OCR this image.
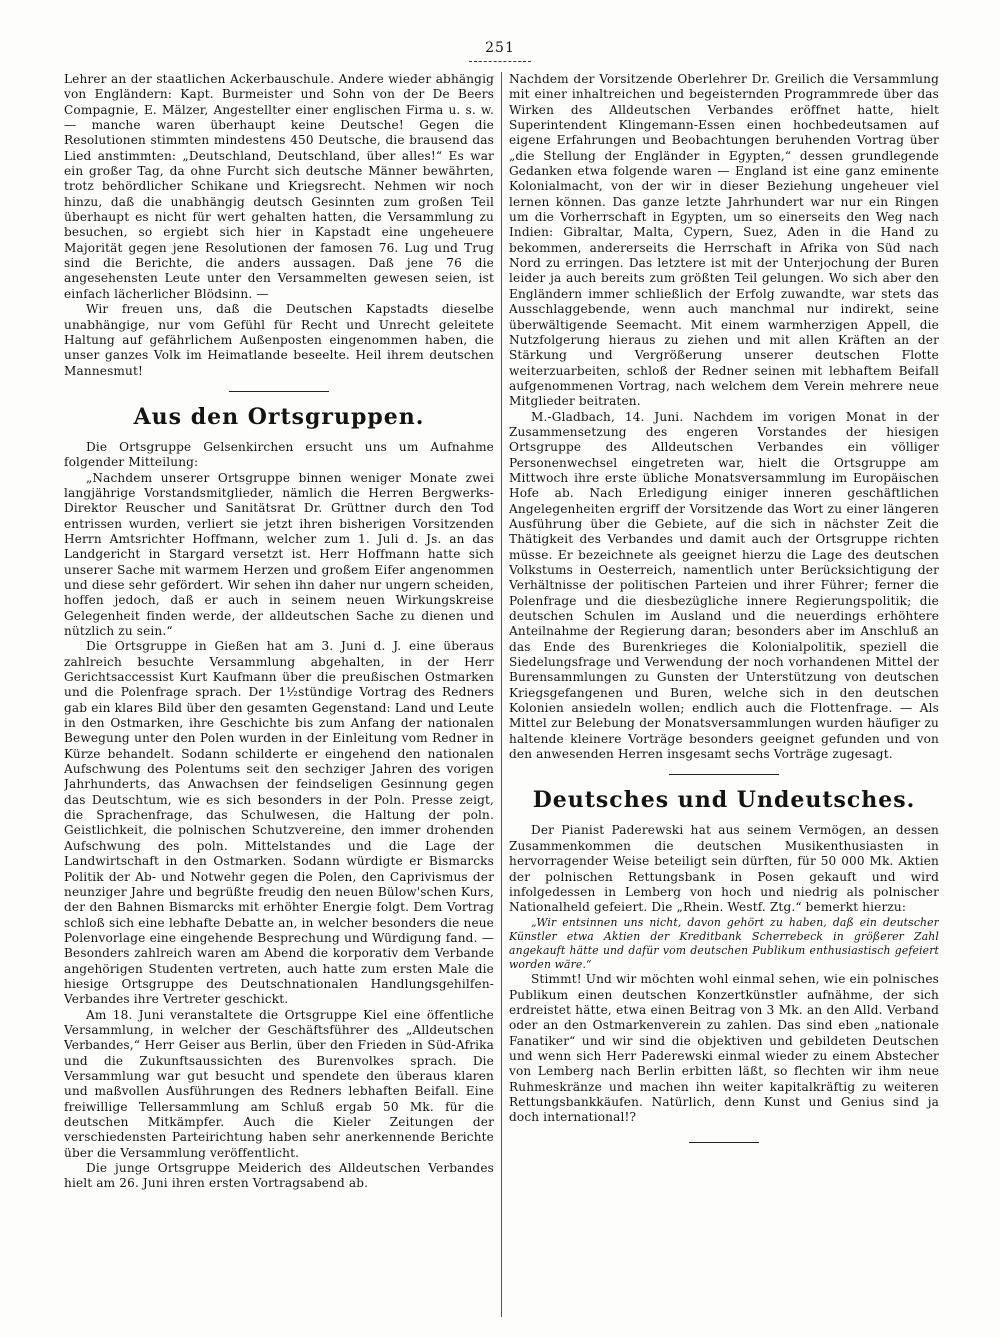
251

Lehrer an der staatlichen Ackerbauschule. Andere wieder abhängig von Engländern: Kapt. Burmeister und Sohn von der De Beers Compagnie, E. Mälzer, Angestellter einer englischen Firma u. s. w. — manche waren überhaupt keine Deutsche! Gegen die Resolutionen stimmten mindestens 450 Deutsche, die brausend das Lied anstimmten: „Deutschland, Deutschland, über alles!“ Es war ein großer Tag, da ohne Furcht sich deutsche Männer bewährten, trotz behördlicher Schikane und Kriegsrecht. Nehmen wir noch hinzu, daß die unabhängig deutsch Gesinnten zum großen Teil überhaupt es nicht für wert gehalten hatten, die Versammlung zu besuchen, so ergiebt sich hier in Kapstadt eine ungeheuere Majorität gegen jene Resolutionen der famosen 76. Lug und Trug sind die Berichte, die anders aussagen. Daß jene 76 die angesehensten Leute unter den Versammelten gewesen seien, ist einfach lächerlicher Blödsinn. —

Wir freuen uns, daß die Deutschen Kapstadts dieselbe unabhängige, nur vom Gefühl für Recht und Unrecht geleitete Haltung auf gefährlichem Außenposten eingenommen haben, die unser ganzes Volk im Heimatlande beseelte. Heil ihrem deutschen Mannesmut!

Aus den Ortsgruppen.

Die Ortsgruppe Gelsenkirchen ersucht uns um Aufnahme folgender Mitteilung:

„Nachdem unserer Ortsgruppe binnen weniger Monate zwei langjährige Vorstandsmitglieder, nämlich die Herren Bergwerks-Direktor Reuscher und Sanitätsrat Dr. Grüttner durch den Tod entrissen wurden, verliert sie jetzt ihren bisherigen Vorsitzenden Herrn Amtsrichter Hoffmann, welcher zum 1. Juli d. Js. an das Landgericht in Stargard versetzt ist. Herr Hoffmann hatte sich unserer Sache mit warmem Herzen und großem Eifer angenommen und diese sehr gefördert. Wir sehen ihn daher nur ungern scheiden, hoffen jedoch, daß er auch in seinem neuen Wirkungskreise Gelegenheit finden werde, der alldeutschen Sache zu dienen und nützlich zu sein.“

Die Ortsgruppe in Gießen hat am 3. Juni d. J. eine überaus zahlreich besuchte Versammlung abgehalten, in der Herr Gerichtsaccessist Kurt Kaufmann über die preußischen Ostmarken und die Polenfrage sprach. Der 1½stündige Vortrag des Redners gab ein klares Bild über den gesamten Gegenstand: Land und Leute in den Ostmarken, ihre Geschichte bis zum Anfang der nationalen Bewegung unter den Polen wurden in der Einleitung vom Redner in Kürze behandelt. Sodann schilderte er eingehend den nationalen Aufschwung des Polentums seit den sechziger Jahren des vorigen Jahrhunderts, das Anwachsen der feindseligen Gesinnung gegen das Deutschtum, wie es sich besonders in der Poln. Presse zeigt, die Sprachenfrage, das Schulwesen, die Haltung der poln. Geistlichkeit, die polnischen Schutzvereine, den immer drohenden Aufschwung des poln. Mittelstandes und die Lage der Landwirtschaft in den Ostmarken. Sodann würdigte er Bismarcks Politik der Ab- und Notwehr gegen die Polen, den Caprivismus der neunziger Jahre und begrüßte freudig den neuen Bülow'schen Kurs, der den Bahnen Bismarcks mit erhöhter Energie folgt. Dem Vortrag schloß sich eine lebhafte Debatte an, in welcher besonders die neue Polenvorlage eine eingehende Besprechung und Würdigung fand. — Besonders zahlreich waren am Abend die korporativ dem Verbande angehörigen Studenten vertreten, auch hatte zum ersten Male die hiesige Ortsgruppe des Deutschnationalen Handlungsgehilfen-Verbandes ihre Vertreter geschickt.

Am 18. Juni veranstaltete die Ortsgruppe Kiel eine öffentliche Versammlung, in welcher der Geschäftsführer des „Alldeutschen Verbandes,“ Herr Geiser aus Berlin, über den Frieden in Süd-Afrika und die Zukunftsaussichten des Burenvolkes sprach. Die Versammlung war gut besucht und spendete den überaus klaren und maßvollen Ausführungen des Redners lebhaften Beifall. Eine freiwillige Tellersammlung am Schluß ergab 50 Mk. für die deutschen Mitkämpfer. Auch die Kieler Zeitungen der verschiedensten Parteirichtung haben sehr anerkennende Berichte über die Versammlung veröffentlicht.

Die junge Ortsgruppe Meiderich des Alldeutschen Verbandes hielt am 26. Juni ihren ersten Vortragsabend ab.

Nachdem der Vorsitzende Oberlehrer Dr. Greilich die Versammlung mit einer inhaltreichen und begeisternden Programmrede über das Wirken des Alldeutschen Verbandes eröffnet hatte, hielt Superintendent Klingemann-Essen einen hochbedeutsamen auf eigene Erfahrungen und Beobachtungen beruhenden Vortrag über „die Stellung der Engländer in Egypten,“ dessen grundlegende Gedanken etwa folgende waren — England ist eine ganz eminente Kolonialmacht, von der wir in dieser Beziehung ungeheuer viel lernen können. Das ganze letzte Jahrhundert war nur ein Ringen um die Vorherrschaft in Egypten, um so einerseits den Weg nach Indien: Gibraltar, Malta, Cypern, Suez, Aden in die Hand zu bekommen, andererseits die Herrschaft in Afrika von Süd nach Nord zu erringen. Das letztere ist mit der Unterjochung der Buren leider ja auch bereits zum größten Teil gelungen. Wo sich aber den Engländern immer schließlich der Erfolg zuwandte, war stets das Ausschlaggebende, wenn auch manchmal nur indirekt, seine überwältigende Seemacht. Mit einem warmherzigen Appell, die Nutzfolgerung hieraus zu ziehen und mit allen Kräften an der Stärkung und Vergrößerung unserer deutschen Flotte weiterzuarbeiten, schloß der Redner seinen mit lebhaftem Beifall aufgenommenen Vortrag, nach welchem dem Verein mehrere neue Mitglieder beitraten.

M.-Gladbach, 14. Juni. Nachdem im vorigen Monat in der Zusammensetzung des engeren Vorstandes der hiesigen Ortsgruppe des Alldeutschen Verbandes ein völliger Personenwechsel eingetreten war, hielt die Ortsgruppe am Mittwoch ihre erste übliche Monatsversammlung im Europäischen Hofe ab. Nach Erledigung einiger inneren geschäftlichen Angelegenheiten ergriff der Vorsitzende das Wort zu einer längeren Ausführung über die Gebiete, auf die sich in nächster Zeit die Thätigkeit des Verbandes und damit auch der Ortsgruppe richten müsse. Er bezeichnete als geeignet hierzu die Lage des deutschen Volkstums in Oesterreich, namentlich unter Berücksichtigung der Verhältnisse der politischen Parteien und ihrer Führer; ferner die Polenfrage und die diesbezügliche innere Regierungspolitik; die deutschen Schulen im Ausland und die neuerdings erhöhtere Anteilnahme der Regierung daran; besonders aber im Anschluß an das Ende des Burenkrieges die Kolonialpolitik, speziell die Siedelungsfrage und Verwendung der noch vorhandenen Mittel der Burensammlungen zu Gunsten der Unterstützung von deutschen Kriegsgefangenen und Buren, welche sich in den deutschen Kolonien ansiedeln wollen; endlich auch die Flottenfrage. — Als Mittel zur Belebung der Monatsversammlungen wurden häufiger zu haltende kleinere Vorträge besonders geeignet gefunden und von den anwesenden Herren insgesamt sechs Vorträge zugesagt.

Deutsches und Undeutsches.

Der Pianist Paderewski hat aus seinem Vermögen, an dessen Zusammenkommen die deutschen Musikenthusiasten in hervorragender Weise beteiligt sein dürften, für 50 000 Mk. Aktien der polnischen Rettungsbank in Posen gekauft und wird infolgedessen in Lemberg von hoch und niedrig als polnischer Nationalheld gefeiert. Die „Rhein. Westf. Ztg.“ bemerkt hierzu:

„Wir entsinnen uns nicht, davon gehört zu haben, daß ein deutscher Künstler etwa Aktien der Kreditbank Scherrebeck in größerer Zahl angekauft hätte und dafür vom deutschen Publikum enthusiastisch gefeiert worden wäre.“

Stimmt! Und wir möchten wohl einmal sehen, wie ein polnisches Publikum einen deutschen Konzertkünstler aufnähme, der sich erdreistet hätte, etwa einen Beitrag von 3 Mk. an den Alld. Verband oder an den Ostmarkenverein zu zahlen. Das sind eben „nationale Fanatiker“ und wir sind die objektiven und gebildeten Deutschen und wenn sich Herr Paderewski einmal wieder zu einem Abstecher von Lemberg nach Berlin erbitten läßt, so flechten wir ihm neue Ruhmeskränze und machen ihn weiter kapitalkräftig zu weiteren Rettungsbankkäufen. Natürlich, denn Kunst und Genius sind ja doch international!?
